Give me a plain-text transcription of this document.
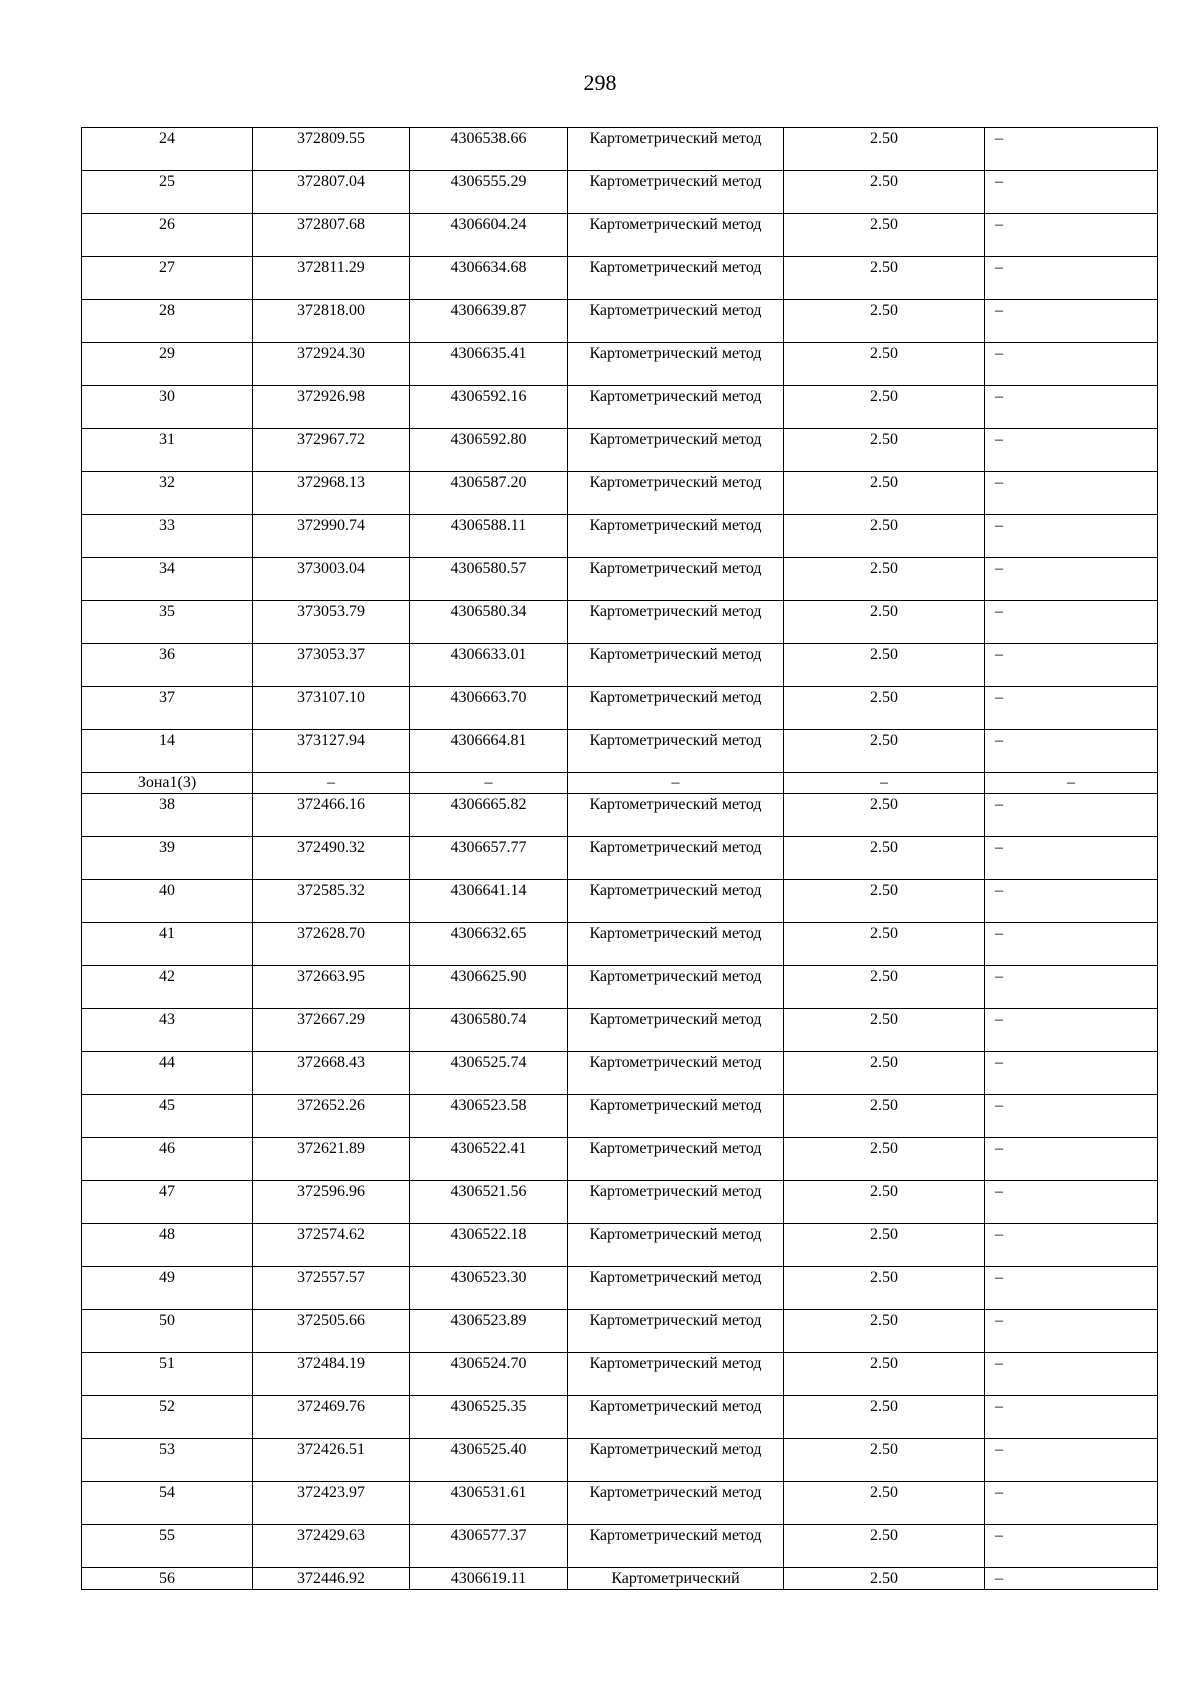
298
24	372809.55	4306538.66	Картометрический метод	2.50	–
25	372807.04	4306555.29	Картометрический метод	2.50	–
26	372807.68	4306604.24	Картометрический метод	2.50	–
27	372811.29	4306634.68	Картометрический метод	2.50	–
28	372818.00	4306639.87	Картометрический метод	2.50	–
29	372924.30	4306635.41	Картометрический метод	2.50	–
30	372926.98	4306592.16	Картометрический метод	2.50	–
31	372967.72	4306592.80	Картометрический метод	2.50	–
32	372968.13	4306587.20	Картометрический метод	2.50	–
33	372990.74	4306588.11	Картометрический метод	2.50	–
34	373003.04	4306580.57	Картометрический метод	2.50	–
35	373053.79	4306580.34	Картометрический метод	2.50	–
36	373053.37	4306633.01	Картометрический метод	2.50	–
37	373107.10	4306663.70	Картометрический метод	2.50	–
14	373127.94	4306664.81	Картометрический метод	2.50	–
Зона1(3)	–	–	–	–	–
38	372466.16	4306665.82	Картометрический метод	2.50	–
39	372490.32	4306657.77	Картометрический метод	2.50	–
40	372585.32	4306641.14	Картометрический метод	2.50	–
41	372628.70	4306632.65	Картометрический метод	2.50	–
42	372663.95	4306625.90	Картометрический метод	2.50	–
43	372667.29	4306580.74	Картометрический метод	2.50	–
44	372668.43	4306525.74	Картометрический метод	2.50	–
45	372652.26	4306523.58	Картометрический метод	2.50	–
46	372621.89	4306522.41	Картометрический метод	2.50	–
47	372596.96	4306521.56	Картометрический метод	2.50	–
48	372574.62	4306522.18	Картометрический метод	2.50	–
49	372557.57	4306523.30	Картометрический метод	2.50	–
50	372505.66	4306523.89	Картометрический метод	2.50	–
51	372484.19	4306524.70	Картометрический метод	2.50	–
52	372469.76	4306525.35	Картометрический метод	2.50	–
53	372426.51	4306525.40	Картометрический метод	2.50	–
54	372423.97	4306531.61	Картометрический метод	2.50	–
55	372429.63	4306577.37	Картометрический метод	2.50	–
56	372446.92	4306619.11	Картометрический	2.50	–
